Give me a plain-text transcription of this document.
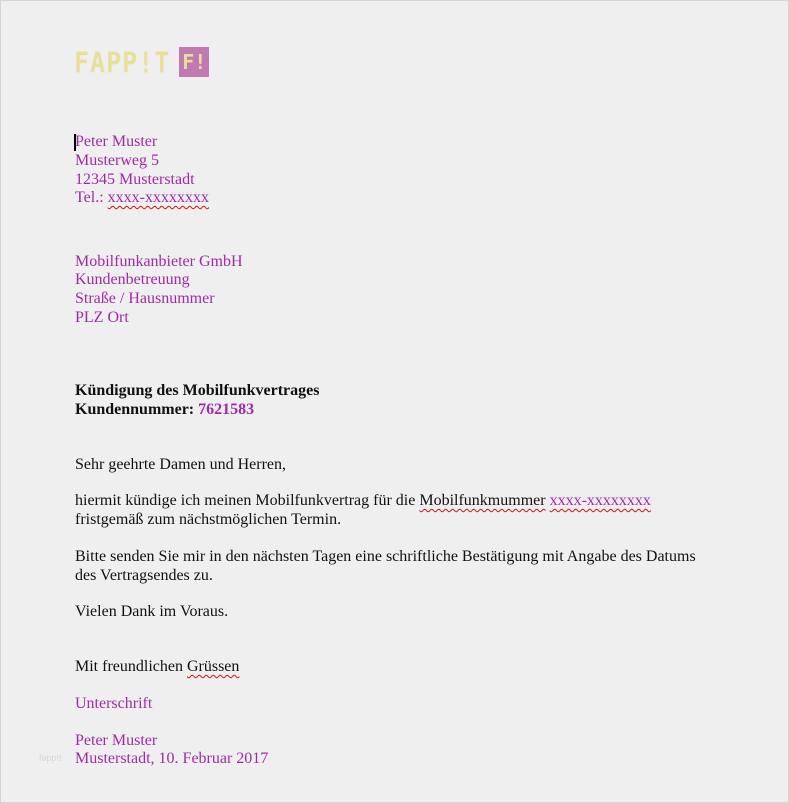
FAPP!T F!
Peter Muster
Musterweg 5
12345 Musterstadt
Tel.: xxxx-xxxxxxxx
Mobilfunkanbieter GmbH
Kundenbetreuung
Straße / Hausnummer
PLZ Ort
Kündigung des Mobilfunkvertrages
Kundennummer: 7621583
Sehr geehrte Damen und Herren,
hiermit kündige ich meinen Mobilfunkvertrag für die Mobilfunkmummer xxxx-xxxxxxxx
fristgemäß zum nächstmöglichen Termin.
Bitte senden Sie mir in den nächsten Tagen eine schriftliche Bestätigung mit Angabe des Datums
des Vertragsendes zu.
Vielen Dank im Voraus.
Mit freundlichen Grüssen
Unterschrift
Peter Muster
Musterstadt, 10. Februar 2017
fapp!t
